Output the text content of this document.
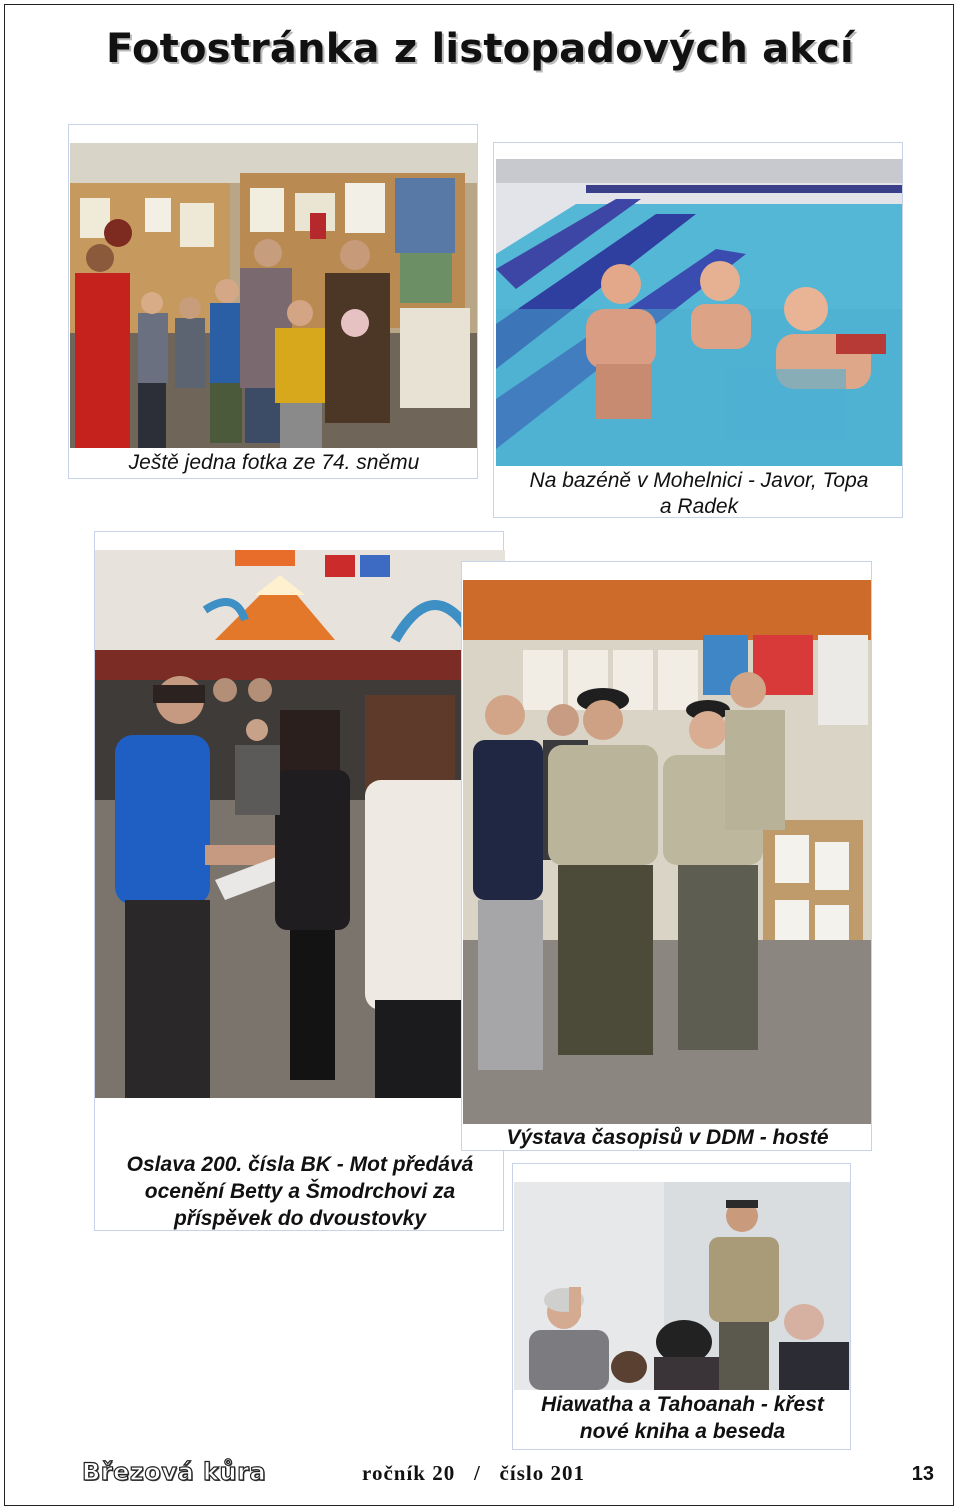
Fotostránka z listopadových akcí
Ještě jedna fotka ze 74. sněmu
Na bazéně v Mohelnici - Javor, Topa
a Radek
Oslava 200. čísla BK - Mot předává
ocenění Betty a Šmodrchovi za
příspěvek do dvoustovky
Výstava časopisů v DDM - hosté
Hiawatha a Tahoanah - křest
nové kniha a beseda
Březová kůra	ročník 20   /   číslo 201	13
